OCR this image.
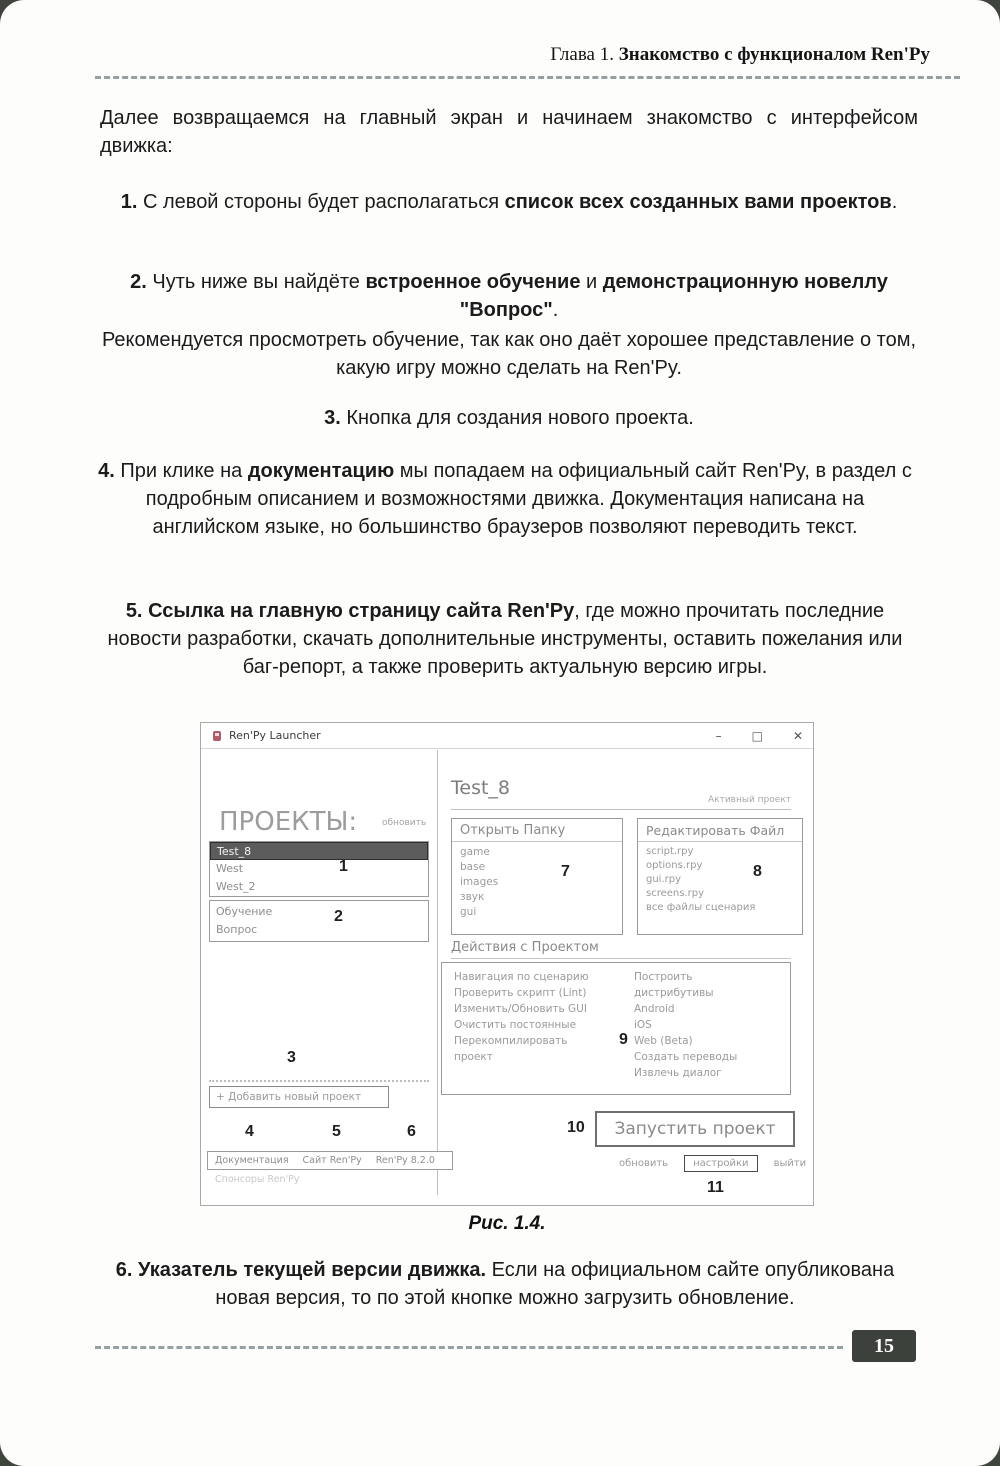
Глава 1. Знакомство с функционалом Ren'Py

Далее возвращаемся на главный экран и начинаем знакомство с интерфейсом движка:

1. С левой стороны будет располагаться список всех созданных вами проектов.

2. Чуть ниже вы найдёте встроенное обучение и демонстрационную новеллу "Вопрос".

Рекомендуется просмотреть обучение, так как оно даёт хорошее представление о том, какую игру можно сделать на Ren'Py.

3. Кнопка для создания нового проекта.

4. При клике на документацию мы попадаем на официальный сайт Ren'Py, в раздел с подробным описанием и возможностями движка. Документация написана на английском языке, но большинство браузеров позволяют переводить текст.

5. Ссылка на главную страницу сайта Ren'Py, где можно прочитать последние новости разработки, скачать дополнительные инструменты, оставить пожелания или баг-репорт, а также проверить актуальную версию игры.

Ren'Py Launcher	–	□	✕
ПРОЕКТЫ:	обновить
Test_8
West
West_2
Обучение
Вопрос
+ Добавить новый проект
Документация Сайт Ren'Py Ren'Py 8.2.0
Спонсоры Ren'Py
Test_8
Активный проект
Открыть Папку
game
base
images
звук
gui
Редактировать Файл
script.rpy
options.rpy
gui.rpy
screens.rpy
все файлы сценария
Действия с Проектом
Навигация по сценарию
Проверить скрипт (Lint)
Изменить/Обновить GUI
Очистить постоянные
Перекомпилировать проект
Построить дистрибутивы
Android
iOS
Web (Beta)
Создать переводы
Извлечь диалог
Запустить проект
обновить	настройки	выйти
1
2
3
4	5	6
7	8
9
10
11

Рис. 1.4.

6. Указатель текущей версии движка. Если на официальном сайте опубликована новая версия, то по этой кнопке можно загрузить обновление.

15
